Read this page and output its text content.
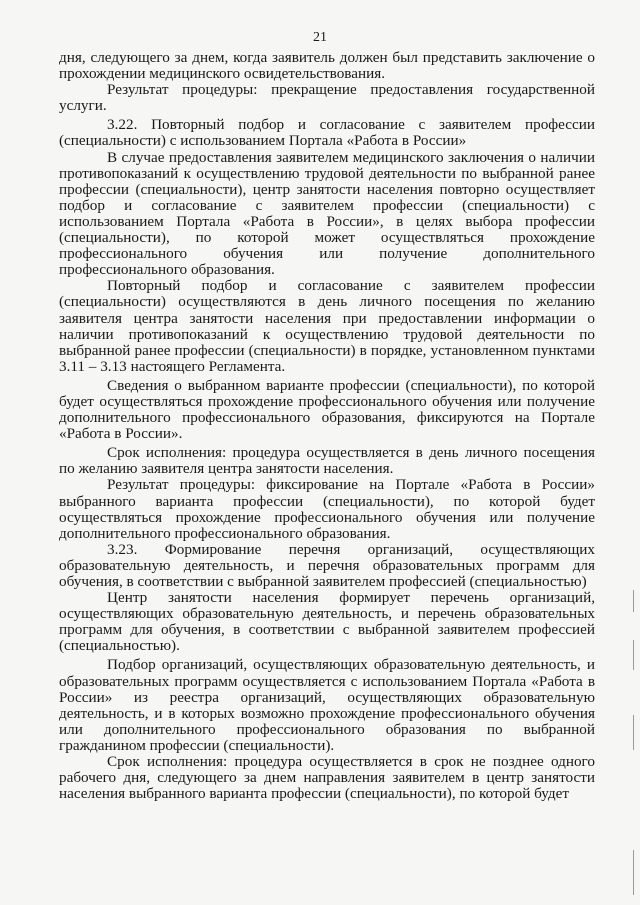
21

дня, следующего за днем, когда заявитель должен был представить заключение о прохождении медицинского освидетельствования.

Результат процедуры: прекращение предоставления государственной услуги.

3.22. Повторный подбор и согласование с заявителем профессии (специальности) с использованием Портала «Работа в России»

В случае предоставления заявителем медицинского заключения о наличии противопоказаний к осуществлению трудовой деятельности по выбранной ранее профессии (специальности), центр занятости населения повторно осуществляет подбор и согласование с заявителем профессии (специальности) с использованием Портала «Работа в России», в целях выбора профессии (специальности), по которой может осуществляться прохождение профессионального обучения или получение дополнительного профессионального образования.

Повторный подбор и согласование с заявителем профессии (специальности) осуществляются в день личного посещения по желанию заявителя центра занятости населения при предоставлении информации о наличии противопоказаний к осуществлению трудовой деятельности по выбранной ранее профессии (специальности) в порядке, установленном пунктами 3.11 – 3.13 настоящего Регламента.

Сведения о выбранном варианте профессии (специальности), по которой будет осуществляться прохождение профессионального обучения или получение дополнительного профессионального образования, фиксируются на Портале «Работа в России».

Срок исполнения: процедура осуществляется в день личного посещения по желанию заявителя центра занятости населения.

Результат процедуры: фиксирование на Портале «Работа в России» выбранного варианта профессии (специальности), по которой будет осуществляться прохождение профессионального обучения или получение дополнительного профессионального образования.

3.23. Формирование перечня организаций, осуществляющих образовательную деятельность, и перечня образовательных программ для обучения, в соответствии с выбранной заявителем профессией (специальностью)

Центр занятости населения формирует перечень организаций, осуществляющих образовательную деятельность, и перечень образовательных программ для обучения, в соответствии с выбранной заявителем профессией (специальностью).

Подбор организаций, осуществляющих образовательную деятельность, и образовательных программ осуществляется с использованием Портала «Работа в России» из реестра организаций, осуществляющих образовательную деятельность, и в которых возможно прохождение профессионального обучения или дополнительного профессионального образования по выбранной гражданином профессии (специальности).

Срок исполнения: процедура осуществляется в срок не позднее одного рабочего дня, следующего за днем направления заявителем в центр занятости населения выбранного варианта профессии (специальности), по которой будет
